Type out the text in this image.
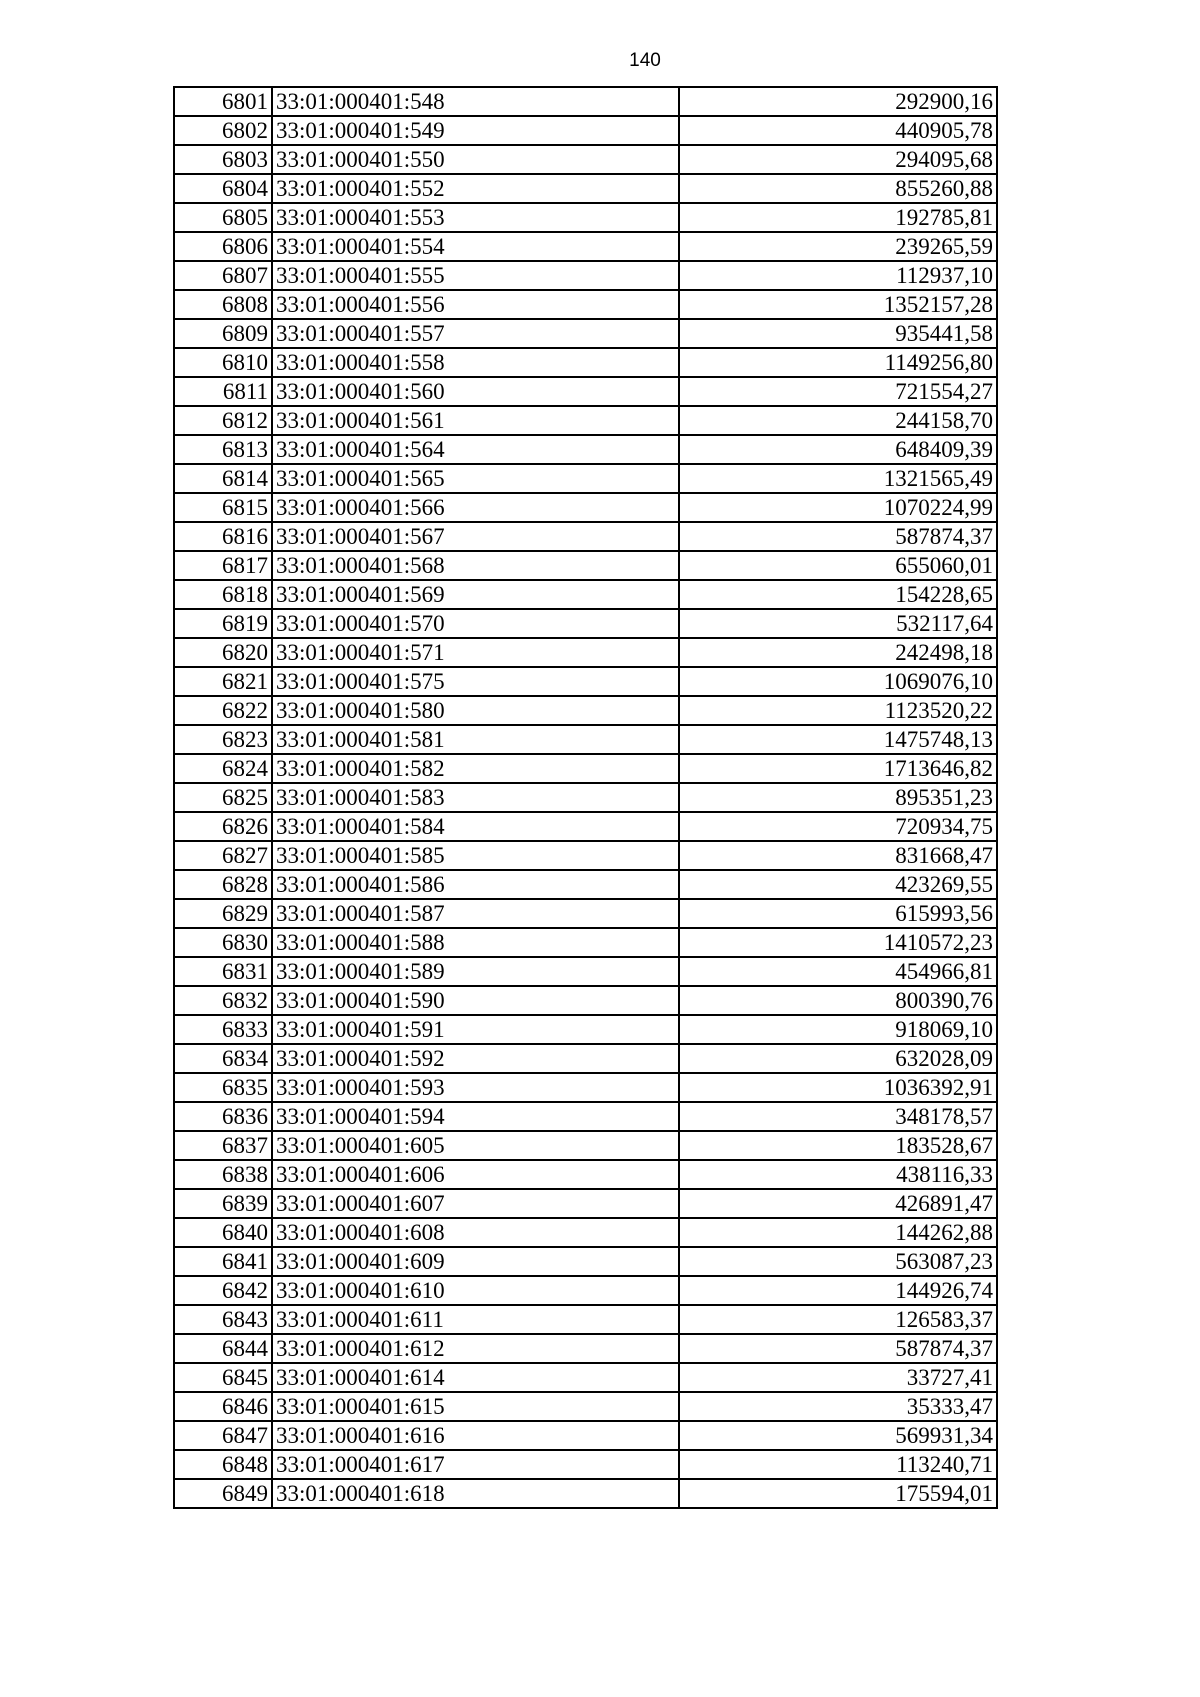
140
6801	33:01:000401:548	292900,16
6802	33:01:000401:549	440905,78
6803	33:01:000401:550	294095,68
6804	33:01:000401:552	855260,88
6805	33:01:000401:553	192785,81
6806	33:01:000401:554	239265,59
6807	33:01:000401:555	112937,10
6808	33:01:000401:556	1352157,28
6809	33:01:000401:557	935441,58
6810	33:01:000401:558	1149256,80
6811	33:01:000401:560	721554,27
6812	33:01:000401:561	244158,70
6813	33:01:000401:564	648409,39
6814	33:01:000401:565	1321565,49
6815	33:01:000401:566	1070224,99
6816	33:01:000401:567	587874,37
6817	33:01:000401:568	655060,01
6818	33:01:000401:569	154228,65
6819	33:01:000401:570	532117,64
6820	33:01:000401:571	242498,18
6821	33:01:000401:575	1069076,10
6822	33:01:000401:580	1123520,22
6823	33:01:000401:581	1475748,13
6824	33:01:000401:582	1713646,82
6825	33:01:000401:583	895351,23
6826	33:01:000401:584	720934,75
6827	33:01:000401:585	831668,47
6828	33:01:000401:586	423269,55
6829	33:01:000401:587	615993,56
6830	33:01:000401:588	1410572,23
6831	33:01:000401:589	454966,81
6832	33:01:000401:590	800390,76
6833	33:01:000401:591	918069,10
6834	33:01:000401:592	632028,09
6835	33:01:000401:593	1036392,91
6836	33:01:000401:594	348178,57
6837	33:01:000401:605	183528,67
6838	33:01:000401:606	438116,33
6839	33:01:000401:607	426891,47
6840	33:01:000401:608	144262,88
6841	33:01:000401:609	563087,23
6842	33:01:000401:610	144926,74
6843	33:01:000401:611	126583,37
6844	33:01:000401:612	587874,37
6845	33:01:000401:614	33727,41
6846	33:01:000401:615	35333,47
6847	33:01:000401:616	569931,34
6848	33:01:000401:617	113240,71
6849	33:01:000401:618	175594,01
